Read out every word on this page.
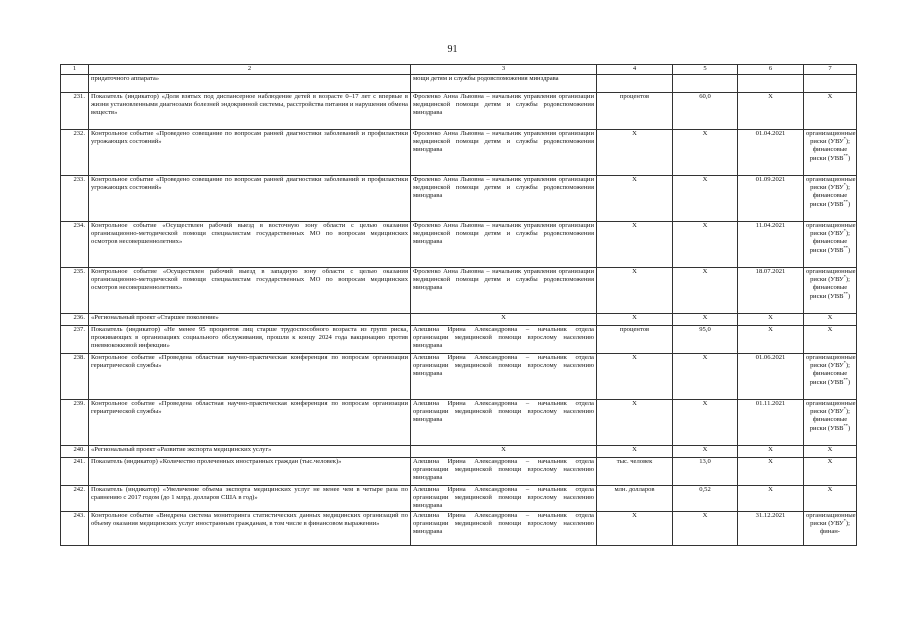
91
1	2	3	4	5	6	7
	придаточного аппарата»	мощи детям и службы родовспоможения минздрава				
231.	Показатель (индикатор) «Доля взятых под диспансерное наблюдение детей в возрасте 0–17 лет с впервые в жизни установленными диагнозами болезней эндокринной системы, расстройства питания и нарушения обмена веществ»	Фроленко Анна Львовна – начальник управления организации медицинской помощи детям и службы родовспоможения минздрава	процентов	60,0	X	X
232.	Контрольное событие «Проведено совещание по вопросам ранней диагностики заболеваний и профилактики угрожающих состояний»	Фроленко Анна Львовна – начальник управления организации медицинской помощи детям и службы родовспоможения минздрава	X	X	01.04.2021	организационные риски (УВУ*); финансовые риски (УВВ**)
233.	Контрольное событие «Проведено совещание по вопросам ранней диагностики заболеваний и профилактики угрожающих состояний»	Фроленко Анна Львовна – начальник управления организации медицинской помощи детям и службы родовспоможения минздрава	X	X	01.09.2021	организационные риски (УВУ*); финансовые риски (УВВ**)
234.	Контрольное событие «Осуществлен рабочий выезд в восточную зону области с целью оказания организационно-методической помощи специалистам государственных МО по вопросам медицинских осмотров несовершеннолетних»	Фроленко Анна Львовна – начальник управления организации медицинской помощи детям и службы родовспоможения минздрава	X	X	11.04.2021	организационные риски (УВУ*); финансовые риски (УВВ**)
235.	Контрольное событие «Осуществлен рабочий выезд в западную зону области с целью оказания организационно-методической помощи специалистам государственных МО по вопросам медицинских осмотров несовершеннолетних»	Фроленко Анна Львовна – начальник управления организации медицинской помощи детям и службы родовспоможения минздрава	X	X	18.07.2021	организационные риски (УВУ*); финансовые риски (УВВ**)
236.	«Региональный проект «Старшее поколение»	X	X	X	X	X
237.	Показатель (индикатор) «Не менее 95 процентов лиц старше трудоспособного возраста из групп риска, проживающих в организациях социального обслуживания, прошли к концу 2024 года вакцинацию против пневмококковой инфекции»	Алешина Ирина Александровна – начальник отдела организации медицинской помощи взрослому населению минздрава	процентов	95,0	X	X
238.	Контрольное событие «Проведена областная научно-практическая конференция по вопросам организации гериатрической службы»	Алешина Ирина Александровна – начальник отдела организации медицинской помощи взрослому населению минздрава	X	X	01.06.2021	организационные риски (УВУ*); финансовые риски (УВВ**)
239.	Контрольное событие «Проведена областная научно-практическая конференция по вопросам организации гериатрической службы»	Алешина Ирина Александровна – начальник отдела организации медицинской помощи взрослому населению минздрава	X	X	01.11.2021	организационные риски (УВУ*); финансовые риски (УВВ**)
240.	«Региональный проект «Развитие экспорта медицинских услуг»	X	X	X	X	X
241.	Показатель (индикатор) «Количество пролеченных иностранных граждан (тыс.человек)»	Алешина Ирина Александровна – начальник отдела организации медицинской помощи взрослому населению минздрава	тыс. человек	13,0	X	X
242.	Показатель (индикатор) «Увеличение объема экспорта медицинских услуг не менее чем в четыре раза по сравнению с 2017 годом (до 1 млрд. долларов США в год)»	Алешина Ирина Александровна – начальник отдела организации медицинской помощи взрослому населению минздрава	млн. долларов	0,52	X	X
243.	Контрольное событие «Внедрена система мониторинга статистических данных медицинских организаций по объему оказания медицинских услуг иностранным гражданам, в том числе в финансовом выражении»	Алешина Ирина Александровна – начальник отдела организации медицинской помощи взрослому населению минздрава	X	X	31.12.2021	организационные риски (УВУ*); финан-
